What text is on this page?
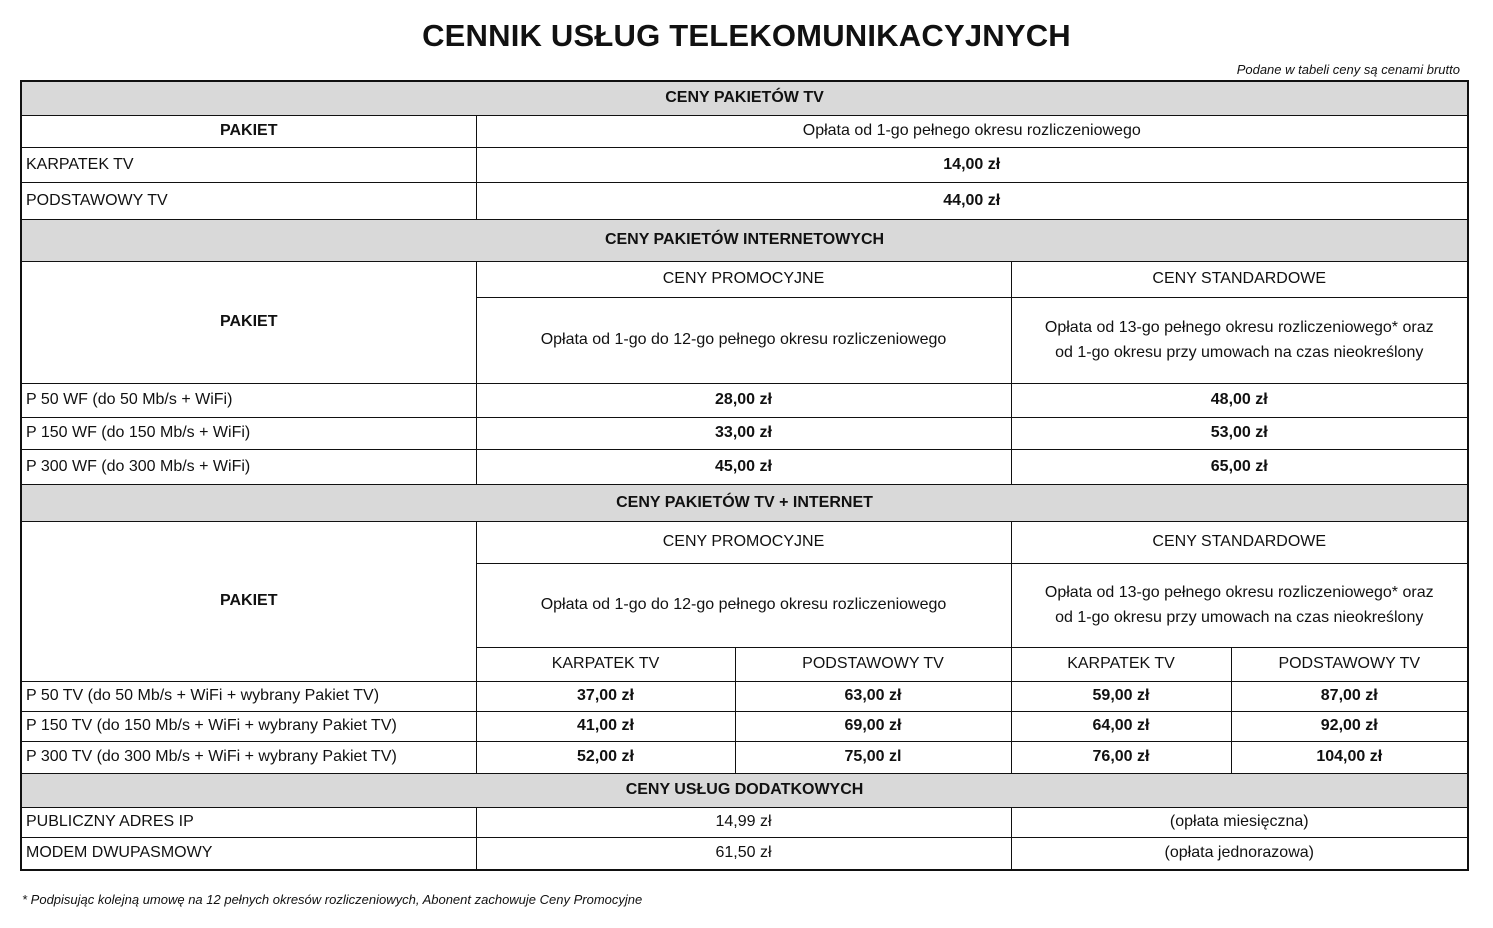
CENNIK USŁUG TELEKOMUNIKACYJNYCH
Podane w tabeli ceny są cenami brutto
CENY PAKIETÓW TV				
PAKIET	Opłata od 1-go pełnego okresu rozliczeniowego			
KARPATEK TV	14,00 zł			
PODSTAWOWY TV	44,00 zł			
CENY PAKIETÓW INTERNETOWYCH				
PAKIET	CENY PROMOCYJNE		CENY STANDARDOWE	
	Opłata od 1-go do 12-go pełnego okresu rozliczeniowego		Opłata od 13-go pełnego okresu rozliczeniowego* oraz
od 1-go okresu przy umowach na czas nieokreślony	
P 50 WF (do 50 Mb/s + WiFi)	28,00 zł		48,00 zł	
P 150 WF (do 150 Mb/s + WiFi)	33,00 zł		53,00 zł	
P 300 WF (do 300 Mb/s + WiFi)	45,00 zł		65,00 zł	
CENY PAKIETÓW TV + INTERNET				
PAKIET	CENY PROMOCYJNE		CENY STANDARDOWE	
	Opłata od 1-go do 12-go pełnego okresu rozliczeniowego		Opłata od 13-go pełnego okresu rozliczeniowego* oraz
od 1-go okresu przy umowach na czas nieokreślony	
	KARPATEK TV	PODSTAWOWY TV	KARPATEK TV	PODSTAWOWY TV
P 50 TV (do 50 Mb/s + WiFi + wybrany Pakiet TV)	37,00 zł	63,00 zł	59,00 zł	87,00 zł
P 150 TV (do 150 Mb/s + WiFi + wybrany Pakiet TV)	41,00 zł	69,00 zł	64,00 zł	92,00 zł
P 300 TV (do 300 Mb/s + WiFi + wybrany Pakiet TV)	52,00 zł	75,00 zl	76,00 zł	104,00 zł
CENY USŁUG DODATKOWYCH				
PUBLICZNY ADRES IP	14,99 zł		(opłata miesięczna)	
MODEM DWUPASMOWY	61,50 zł		(opłata jednorazowa)	
* Podpisując kolejną umowę na 12 pełnych okresów rozliczeniowych, Abonent zachowuje Ceny Promocyjne
